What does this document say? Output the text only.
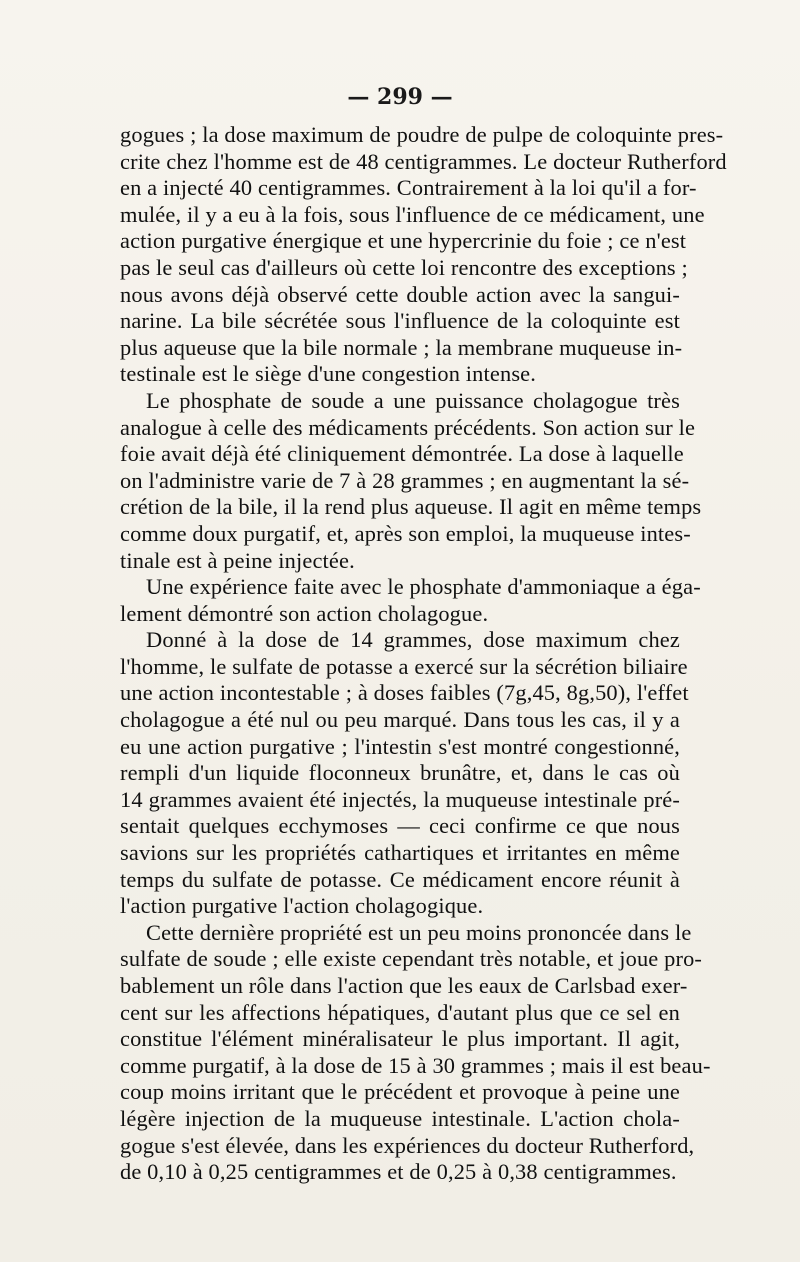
— 299 —
gogues ; la dose maximum de poudre de pulpe de coloquinte pres-
crite chez l'homme est de 48 centigrammes. Le docteur Rutherford
en a injecté 40 centigrammes. Contrairement à la loi qu'il a for-
mulée, il y a eu à la fois, sous l'influence de ce médicament, une
action purgative énergique et une hypercrinie du foie ; ce n'est
pas le seul cas d'ailleurs où cette loi rencontre des exceptions ;
nous avons déjà observé cette double action avec la sangui-
narine. La bile sécrétée sous l'influence de la coloquinte est
plus aqueuse que la bile normale ; la membrane muqueuse in-
testinale est le siège d'une congestion intense.
Le phosphate de soude a une puissance cholagogue très
analogue à celle des médicaments précédents. Son action sur le
foie avait déjà été cliniquement démontrée. La dose à laquelle
on l'administre varie de 7 à 28 grammes ; en augmentant la sé-
crétion de la bile, il la rend plus aqueuse. Il agit en même temps
comme doux purgatif, et, après son emploi, la muqueuse intes-
tinale est à peine injectée.
Une expérience faite avec le phosphate d'ammoniaque a éga-
lement démontré son action cholagogue.
Donné à la dose de 14 grammes, dose maximum chez
l'homme, le sulfate de potasse a exercé sur la sécrétion biliaire
une action incontestable ; à doses faibles (7g,45, 8g,50), l'effet
cholagogue a été nul ou peu marqué. Dans tous les cas, il y a
eu une action purgative ; l'intestin s'est montré congestionné,
rempli d'un liquide floconneux brunâtre, et, dans le cas où
14 grammes avaient été injectés, la muqueuse intestinale pré-
sentait quelques ecchymoses — ceci confirme ce que nous
savions sur les propriétés cathartiques et irritantes en même
temps du sulfate de potasse. Ce médicament encore réunit à
l'action purgative l'action cholagogique.
Cette dernière propriété est un peu moins prononcée dans le
sulfate de soude ; elle existe cependant très notable, et joue pro-
bablement un rôle dans l'action que les eaux de Carlsbad exer-
cent sur les affections hépatiques, d'autant plus que ce sel en
constitue l'élément minéralisateur le plus important. Il agit,
comme purgatif, à la dose de 15 à 30 grammes ; mais il est beau-
coup moins irritant que le précédent et provoque à peine une
légère injection de la muqueuse intestinale. L'action chola-
gogue s'est élevée, dans les expériences du docteur Rutherford,
de 0,10 à 0,25 centigrammes et de 0,25 à 0,38 centigrammes.
